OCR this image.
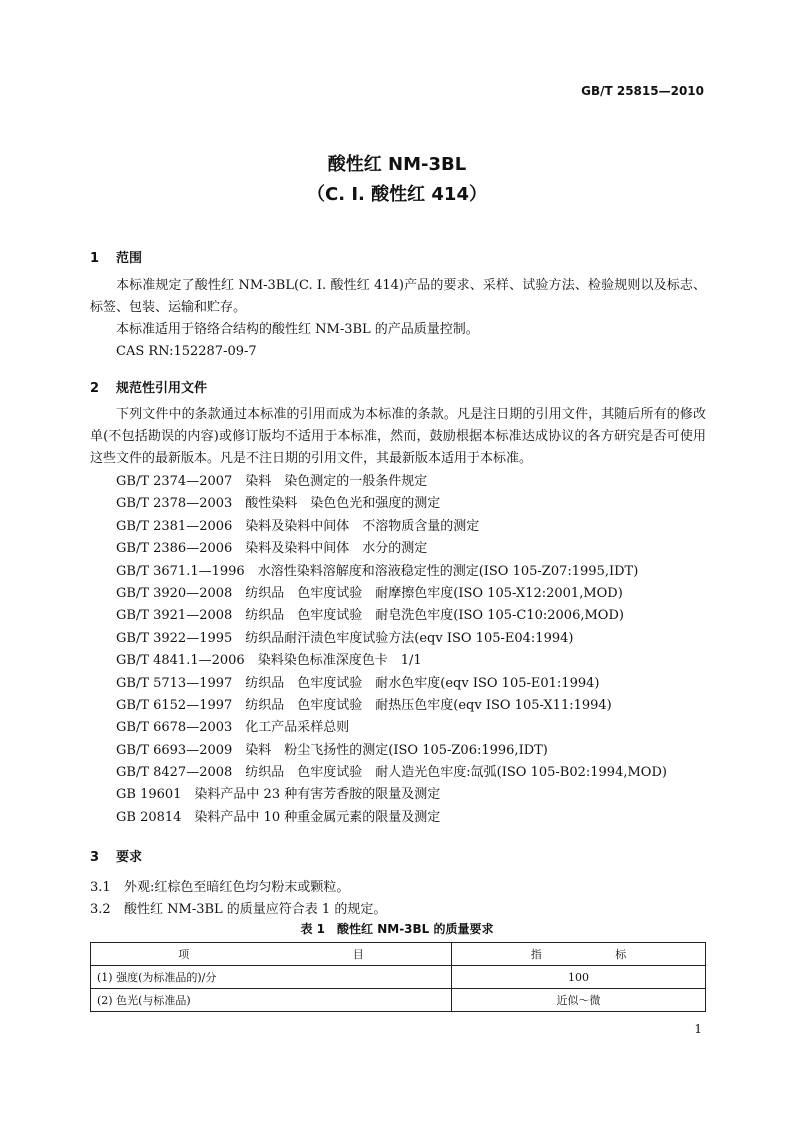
GB/T 25815—2010
酸性红 NM-3BL
（C. I. 酸性红 414）
1 范围
本标准规定了酸性红 NM-3BL(C. I. 酸性红 414)产品的要求、采样、试验方法、检验规则以及标志、标签、包装、运输和贮存。
本标准适用于铬络合结构的酸性红 NM-3BL 的产品质量控制。
CAS RN:152287-09-7
2 规范性引用文件
下列文件中的条款通过本标准的引用而成为本标准的条款。凡是注日期的引用文件，其随后所有的修改单(不包括勘误的内容)或修订版均不适用于本标准，然而，鼓励根据本标准达成协议的各方研究是否可使用这些文件的最新版本。凡是不注日期的引用文件，其最新版本适用于本标准。
GB/T 2374—2007　染料　染色测定的一般条件规定
GB/T 2378—2003　酸性染料　染色色光和强度的测定
GB/T 2381—2006　染料及染料中间体　不溶物质含量的测定
GB/T 2386—2006　染料及染料中间体　水分的测定
GB/T 3671.1—1996　水溶性染料溶解度和溶液稳定性的测定(ISO 105-Z07:1995,IDT)
GB/T 3920—2008　纺织品　色牢度试验　耐摩擦色牢度(ISO 105-X12:2001,MOD)
GB/T 3921—2008　纺织品　色牢度试验　耐皂洗色牢度(ISO 105-C10:2006,MOD)
GB/T 3922—1995　纺织品耐汗渍色牢度试验方法(eqv ISO 105-E04:1994)
GB/T 4841.1—2006　染料染色标准深度色卡　1/1
GB/T 5713—1997　纺织品　色牢度试验　耐水色牢度(eqv ISO 105-E01:1994)
GB/T 6152—1997　纺织品　色牢度试验　耐热压色牢度(eqv ISO 105-X11:1994)
GB/T 6678—2003　化工产品采样总则
GB/T 6693—2009　染料　粉尘飞扬性的测定(ISO 105-Z06:1996,IDT)
GB/T 8427—2008　纺织品　色牢度试验　耐人造光色牢度:氙弧(ISO 105-B02:1994,MOD)
GB 19601　染料产品中 23 种有害芳香胺的限量及测定
GB 20814　染料产品中 10 种重金属元素的限量及测定
3 要求
3.1 外观:红棕色至暗红色均匀粉末或颗粒。
3.2 酸性红 NM-3BL 的质量应符合表 1 的规定。
表 1　酸性红 NM-3BL 的质量要求
项 目	指 标
(1) 强度(为标准品的)/分	100
(2) 色光(与标准品)	近似～微
1
